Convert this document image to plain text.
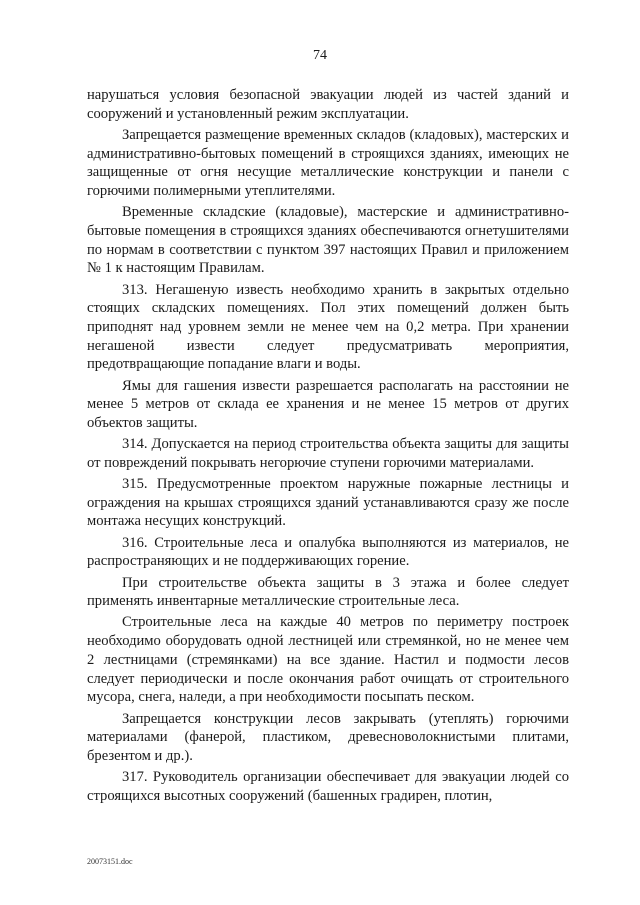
74

нарушаться условия безопасной эвакуации людей из частей зданий и сооружений и установленный режим эксплуатации.

Запрещается размещение временных складов (кладовых), мастерских и административно-бытовых помещений в строящихся зданиях, имеющих не защищенные от огня несущие металлические конструкции и панели с горючими полимерными утеплителями.

Временные складские (кладовые), мастерские и административно-бытовые помещения в строящихся зданиях обеспечиваются огнетушителями по нормам в соответствии с пунктом 397 настоящих Правил и приложением № 1 к настоящим Правилам.

313. Негашеную известь необходимо хранить в закрытых отдельно стоящих складских помещениях. Пол этих помещений должен быть приподнят над уровнем земли не менее чем на 0,2 метра. При хранении негашеной извести следует предусматривать мероприятия, предотвращающие попадание влаги и воды.

Ямы для гашения извести разрешается располагать на расстоянии не менее 5 метров от склада ее хранения и не менее 15 метров от других объектов защиты.

314. Допускается на период строительства объекта защиты для защиты от повреждений покрывать негорючие ступени горючими материалами.

315. Предусмотренные проектом наружные пожарные лестницы и ограждения на крышах строящихся зданий устанавливаются сразу же после монтажа несущих конструкций.

316. Строительные леса и опалубка выполняются из материалов, не распространяющих и не поддерживающих горение.

При строительстве объекта защиты в 3 этажа и более следует применять инвентарные металлические строительные леса.

Строительные леса на каждые 40 метров по периметру построек необходимо оборудовать одной лестницей или стремянкой, но не менее чем 2 лестницами (стремянками) на все здание. Настил и подмости лесов следует периодически и после окончания работ очищать от строительного мусора, снега, наледи, а при необходимости посыпать песком.

Запрещается конструкции лесов закрывать (утеплять) горючими материалами (фанерой, пластиком, древесноволокнистыми плитами, брезентом и др.).

317. Руководитель организации обеспечивает для эвакуации людей со строящихся высотных сооружений (башенных градирен, плотин,

20073151.doc
